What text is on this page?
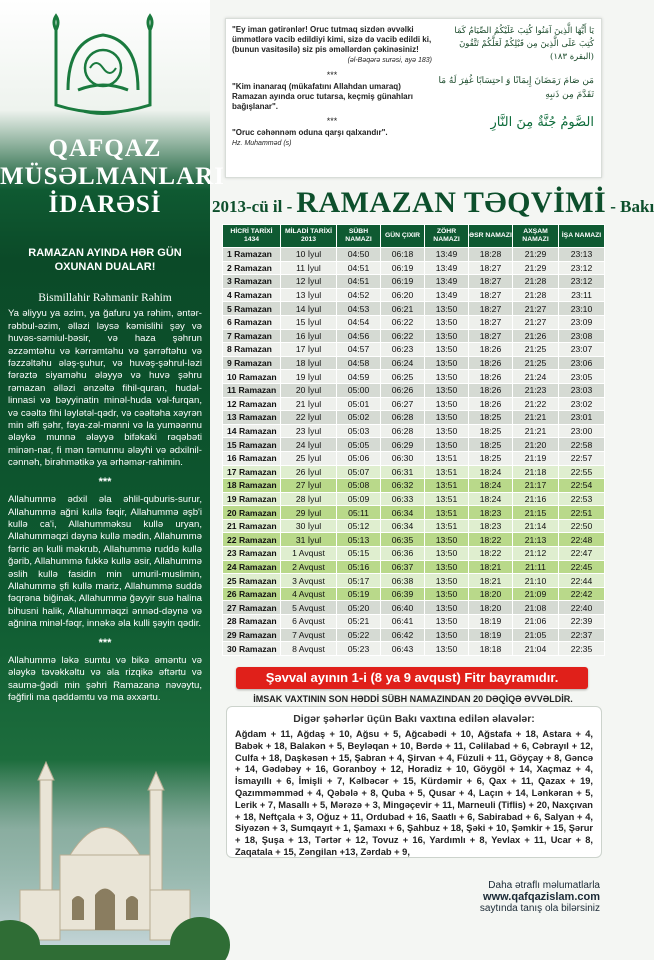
QAFQAZ
MÜSƏLMANLARI
İDARƏSİ
RAMAZAN AYINDA HƏR GÜN OXUNAN DUALAR!
Bismillahir Rəhmanir Rəhim

Ya əliyyu ya əzim, ya ğafuru ya rəhim, əntər-rəbbul-əzim, əlləzi ləysə kəmislihi şəy və huvəs-səmiul-bəsir, və haza şəhrun əzzəmtəhu və kərrəmtəhu və şərrəftəhu və fəzzəltəhu ələş-şuhur, və huvəş-şəhrul-ləzi fərəztə siyaməhu ələyyə və huvə şəhru rəmazan əlləzi ənzəltə fihil-quran, hudəl-linnasi və bəyyinatin minəl-huda vəl-furqan, və cəəltə fihi ləylətəl-qədr, və cəəltəha xəyrən min əlfi şəhr, fəya-zəl-mənni və la yuməənnu ələykə munnə ələyyə bifəkaki rəqəbəti minən-nar, fi mən təmunnu ələyhi və ədxilnil-cənnəh, birəhmətikə ya ərhəmər-rahimin.

***

Allahummə ədxil əla əhlil-quburis-surur, Allahummə ağni kullə fəqir, Allahummə əşb'i kullə ca'i, Allahumməksu kullə uryan, Allahumməqzi dəynə kullə mədin, Allahummə fərric ən kulli məkrub, Allahummə ruddə kullə ğərib, Allahummə fukkə kullə əsir, Allahummə əslih kullə fasidin min umuril-muslimin, Allahummə şfi kullə mariz, Allahummə suddə fəqrəna biğinak, Allahummə ğəyyir suə halina bihusni halik, Allahumməqzi ənnəd-dəynə və ağnina minəl-fəqr, innəkə əla kulli şəyin qədir.

***

Allahummə ləkə sumtu və bikə əməntu və ələykə təvəkkəltu və əla rizqikə əftərtu və saumə-ğədi min şəhri Ramazanə nəvəytu, fəğfirli ma qəddəmtu və ma əxxərtu.

"Ey iman gətirənlər! Oruc tutmaq sizdən əvvəlki ümmətlərə vacib edildiyi kimi, sizə də vacib edildi ki, (bunun vasitəsilə) siz pis əməllərdən çəkinəsiniz!
(əl-Bəqərə surəsi, ayə 183)
***
"Kim inanaraq (mükafatını Allahdan umaraq) Ramazan ayında oruc tutarsa, keçmiş günahları bağışlanar".
***
"Oruc cəhənnəm oduna qarşı qalxandır".
Hz. Muhamməd (s)
يَا أَيُّهَا الَّذِينَ آمَنُوا كُتِبَ عَلَيْكُمُ الصِّيَامُ كَمَا كُتِبَ عَلَى الَّذِينَ مِن قَبْلِكُمْ لَعَلَّكُمْ تَتَّقُونَ (البقرة ١٨٣)
مَن صَامَ رَمَضَانَ إِيمَانًا وَ احتِسَابًا غُفِرَ لَهُ مَا تَقَدَّمَ مِن ذَنبِهِ
الصَّومُ جُنَّةٌ مِنَ النَّارِ
2013-cü il - RAMAZAN TƏQVİMİ - Bakı
HİCRİ TARİXİ 1434	MİLADİ TARİXİ 2013	SÜBH NAMAZI	GÜN ÇIXIR	ZÖHR NAMAZI	ƏSR NAMAZI	AXŞAM NAMAZI	İŞA NAMAZI
1 Ramazan	10 İyul	04:50	06:18	13:49	18:28	21:29	23:13
2 Ramazan	11 İyul	04:51	06:19	13:49	18:27	21:29	23:12
3 Ramazan	12 İyul	04:51	06:19	13:49	18:27	21:28	23:12
4 Ramazan	13 İyul	04:52	06:20	13:49	18:27	21:28	23:11
5 Ramazan	14 İyul	04:53	06:21	13:50	18:27	21:27	23:10
6 Ramazan	15 İyul	04:54	06:22	13:50	18:27	21:27	23:09
7 Ramazan	16 İyul	04:56	06:22	13:50	18:27	21:26	23:08
8 Ramazan	17 İyul	04:57	06:23	13:50	18:26	21:25	23:07
9 Ramazan	18 İyul	04:58	06:24	13:50	18:26	21:25	23:06
10 Ramazan	19 İyul	04:59	06:25	13:50	18:26	21:24	23:05
11 Ramazan	20 İyul	05:00	06:26	13:50	18:26	21:23	23:03
12 Ramazan	21 İyul	05:01	06:27	13:50	18:26	21:22	23:02
13 Ramazan	22 İyul	05:02	06:28	13:50	18:25	21:21	23:01
14 Ramazan	23 İyul	05:03	06:28	13:50	18:25	21:21	23:00
15 Ramazan	24 İyul	05:05	06:29	13:50	18:25	21:20	22:58
16 Ramazan	25 İyul	05:06	06:30	13:51	18:25	21:19	22:57
17 Ramazan	26 İyul	05:07	06:31	13:51	18:24	21:18	22:55
18 Ramazan	27 İyul	05:08	06:32	13:51	18:24	21:17	22:54
19 Ramazan	28 İyul	05:09	06:33	13:51	18:24	21:16	22:53
20 Ramazan	29 İyul	05:11	06:34	13:51	18:23	21:15	22:51
21 Ramazan	30 İyul	05:12	06:34	13:51	18:23	21:14	22:50
22 Ramazan	31 İyul	05:13	06:35	13:50	18:22	21:13	22:48
23 Ramazan	1 Avqust	05:15	06:36	13:50	18:22	21:12	22:47
24 Ramazan	2 Avqust	05:16	06:37	13:50	18:21	21:11	22:45
25 Ramazan	3 Avqust	05:17	06:38	13:50	18:21	21:10	22:44
26 Ramazan	4 Avqust	05:19	06:39	13:50	18:20	21:09	22:42
27 Ramazan	5 Avqust	05:20	06:40	13:50	18:20	21:08	22:40
28 Ramazan	6 Avqust	05:21	06:41	13:50	18:19	21:06	22:39
29 Ramazan	7 Avqust	05:22	06:42	13:50	18:19	21:05	22:37
30 Ramazan	8 Avqust	05:23	06:43	13:50	18:18	21:04	22:35
Şəvval ayının 1-i (8 ya 9 avqust) Fitr bayramıdır.
İMSAK VAXTININ SON HƏDDİ SÜBH NAMAZINDAN 20 DƏQİQƏ ƏVVƏLDİR.
Digər şəhərlər üçün Bakı vaxtına edilən əlavələr:
Ağdam + 11, Ağdaş + 10, Ağsu + 5, Ağcabədi + 10, Ağstafa + 18, Astara + 4, Babək + 18, Balakən + 5, Beyləqan + 10, Bərdə + 11, Cəlilabad + 6, Cəbrayıl + 12, Culfa + 18, Daşkəsən + 15, Şabran + 4, Şirvan + 4, Füzuli + 11, Göyçay + 8, Gəncə + 14, Gədəbəy + 16, Goranboy + 12, Horadiz + 10, Göygöl + 14, Xaçmaz + 4, İsmayıllı + 6, İmişli + 7, Kəlbəcər + 15, Kürdəmir + 6, Qax + 11, Qazax + 19, Qazımməmməd + 4, Qəbələ + 8, Quba + 5, Qusar + 4, Laçın + 14, Lənkəran + 5, Lerik + 7, Masallı + 5, Mərəzə + 3, Mingəçevir + 11, Marneuli (Tiflis) + 20, Naxçıvan + 18, Neftçala + 3, Oğuz + 11, Ordubad + 16, Saatlı + 6, Sabirabad + 6, Salyan + 4, Siyəzən + 3, Sumqayıt + 1, Şamaxı + 6, Şahbuz + 18, Şəki + 10, Şəmkir + 15, Şərur + 18, Şuşa + 13, Tərtər + 12, Tovuz + 16, Yardımlı + 8, Yevlax + 11, Ucar + 8, Zaqatala + 15, Zəngilan +13, Zərdab + 9,
Daha ətraflı məlumatlarla
www.qafqazislam.com
saytında tanış ola bilərsiniz
